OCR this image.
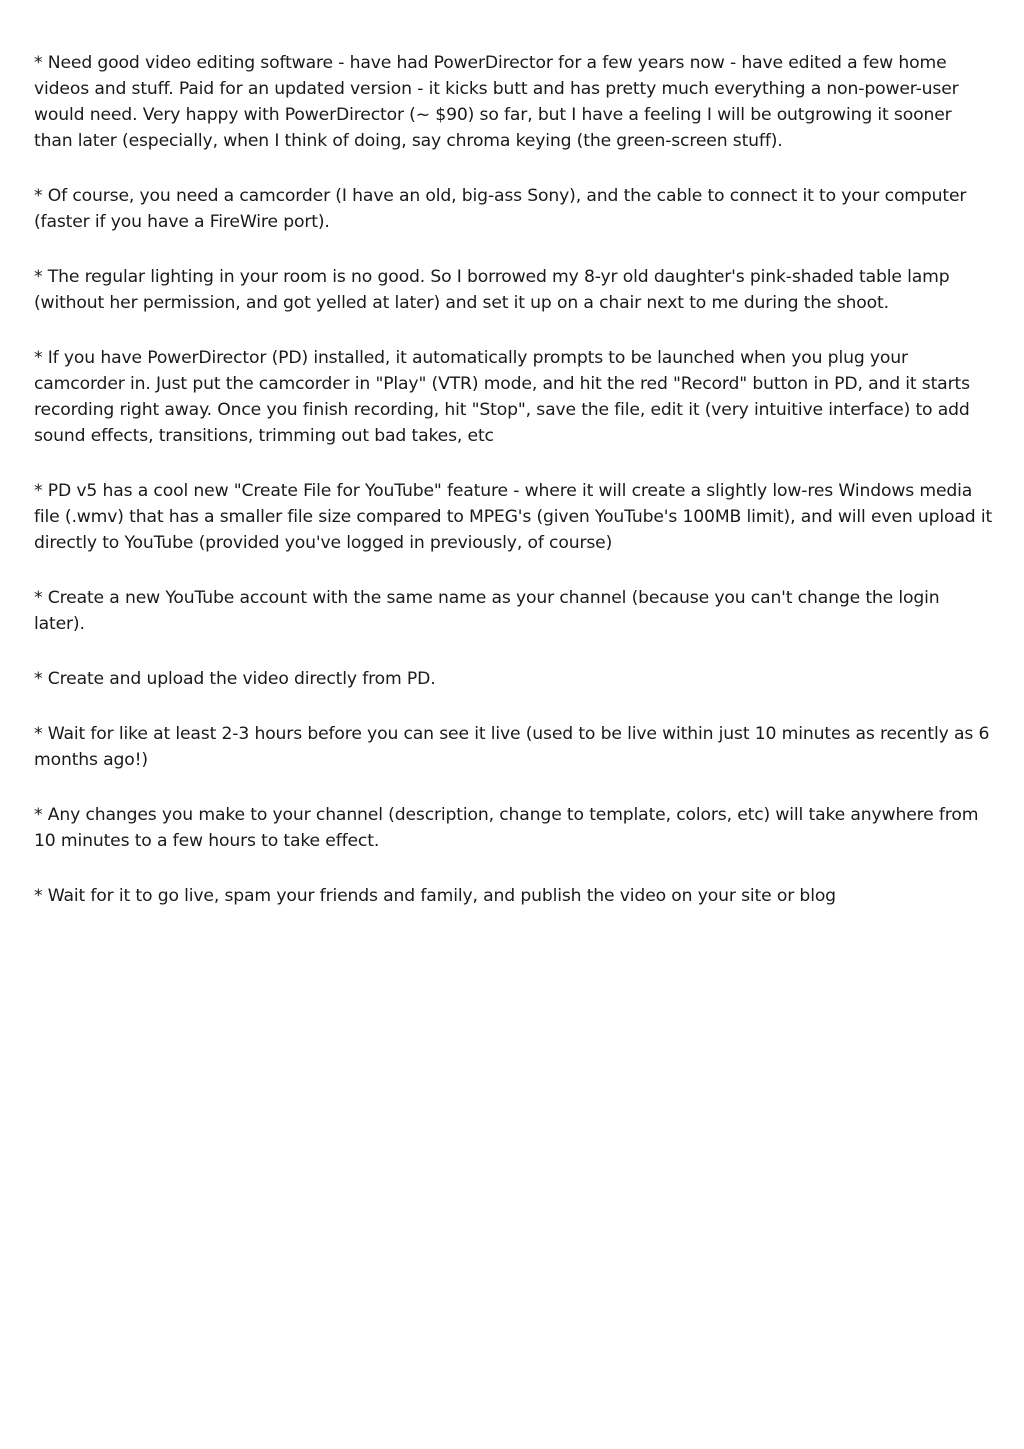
* Need good video editing software - have had PowerDirector for a few years now - have edited a few home videos and stuff. Paid for an updated version - it kicks butt and has pretty much everything a non-power-user would need. Very happy with PowerDirector (~ $90) so far, but I have a feeling I will be outgrowing it sooner than later (especially, when I think of doing, say chroma keying (the green-screen stuff).

* Of course, you need a camcorder (I have an old, big-ass Sony), and the cable to connect it to your computer (faster if you have a FireWire port).

* The regular lighting in your room is no good. So I borrowed my 8-yr old daughter's pink-shaded table lamp (without her permission, and got yelled at later) and set it up on a chair next to me during the shoot.

* If you have PowerDirector (PD) installed, it automatically prompts to be launched when you plug your camcorder in. Just put the camcorder in "Play" (VTR) mode, and hit the red "Record" button in PD, and it starts recording right away. Once you finish recording, hit "Stop", save the file, edit it (very intuitive interface) to add sound effects, transitions, trimming out bad takes, etc

* PD v5 has a cool new "Create File for YouTube" feature - where it will create a slightly low-res Windows media file (.wmv) that has a smaller file size compared to MPEG's (given YouTube's 100MB limit), and will even upload it directly to YouTube (provided you've logged in previously, of course)

* Create a new YouTube account with the same name as your channel (because you can't change the login later).

* Create and upload the video directly from PD.

* Wait for like at least 2-3 hours before you can see it live (used to be live within just 10 minutes as recently as 6 months ago!)

* Any changes you make to your channel (description, change to template, colors, etc) will take anywhere from 10 minutes to a few hours to take effect.

* Wait for it to go live, spam your friends and family, and publish the video on your site or blog
